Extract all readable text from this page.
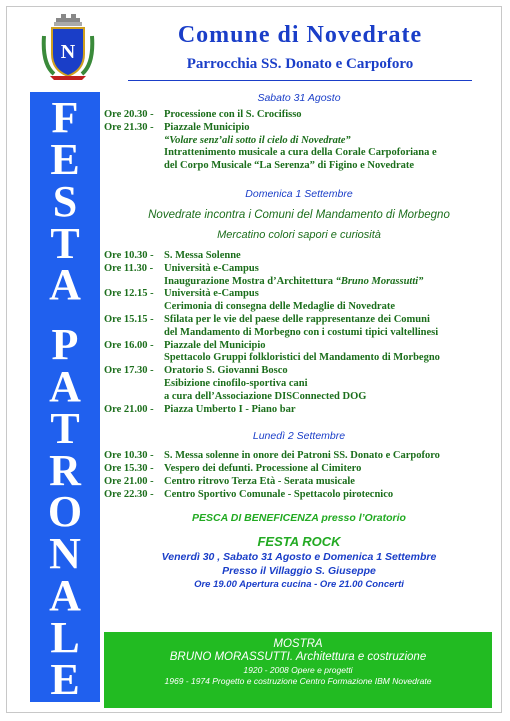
N
Comune di Novedrate
Parrocchia SS. Donato e Carpoforo
F
E
S
T
A
P
A
T
R
O
N
A
L
E

Sabato 31 Agosto

Ore 20.30 - Processione con il S. Crocifisso
Ore 21.30 - Piazzale Municipio
“Volare senz’ali sotto il cielo di Novedrate”
Intrattenimento musicale a cura della Corale Carpoforiana e
del Corpo Musicale “La Serenza” di Figino e Novedrate

Domenica 1 Settembre

Novedrate incontra i Comuni del Mandamento di Morbegno
Mercatino colori sapori e curiosità
Ore 10.30 - S. Messa Solenne
Ore 11.30 -	Università e-Campus
Inaugurazione Mostra d’Architettura “Bruno Morassutti”
Ore 12.15 - Università e-Campus
Cerimonia di consegna delle Medaglie di Novedrate
Ore 15.15 - Sfilata per le vie del paese delle rappresentanze dei Comuni
del Mandamento di Morbegno con i costumi tipici valtellinesi
Ore 16.00 - Piazzale del Municipio
Spettacolo Gruppi folkloristici del Mandamento di Morbegno
Ore 17.30 - Oratorio S. Giovanni Bosco
Esibizione cinofilo-sportiva cani
a cura dell’Associazione DISConnected DOG
Ore 21.00 - Piazza Umberto I - Piano bar

Lunedì 2 Settembre

Ore 10.30 - S. Messa solenne in onore dei Patroni SS. Donato e Carpoforo
Ore 15.30 - Vespero dei defunti. Processione al Cimitero
Ore 21.00 - Centro ritrovo Terza Età - Serata musicale
Ore 22.30 - Centro Sportivo Comunale - Spettacolo pirotecnico
PESCA DI BENEFICENZA presso l’Oratorio
FESTA ROCK
Venerdì 30 , Sabato 31 Agosto e Domenica 1 Settembre
Presso il Villaggio S. Giuseppe
Ore 19.00 Apertura cucina - Ore 21.00 Concerti
MOSTRA
BRUNO MORASSUTTI. Architettura e costruzione
1920 - 2008 Opere e progetti
1969 - 1974 Progetto e costruzione Centro Formazione IBM Novedrate
